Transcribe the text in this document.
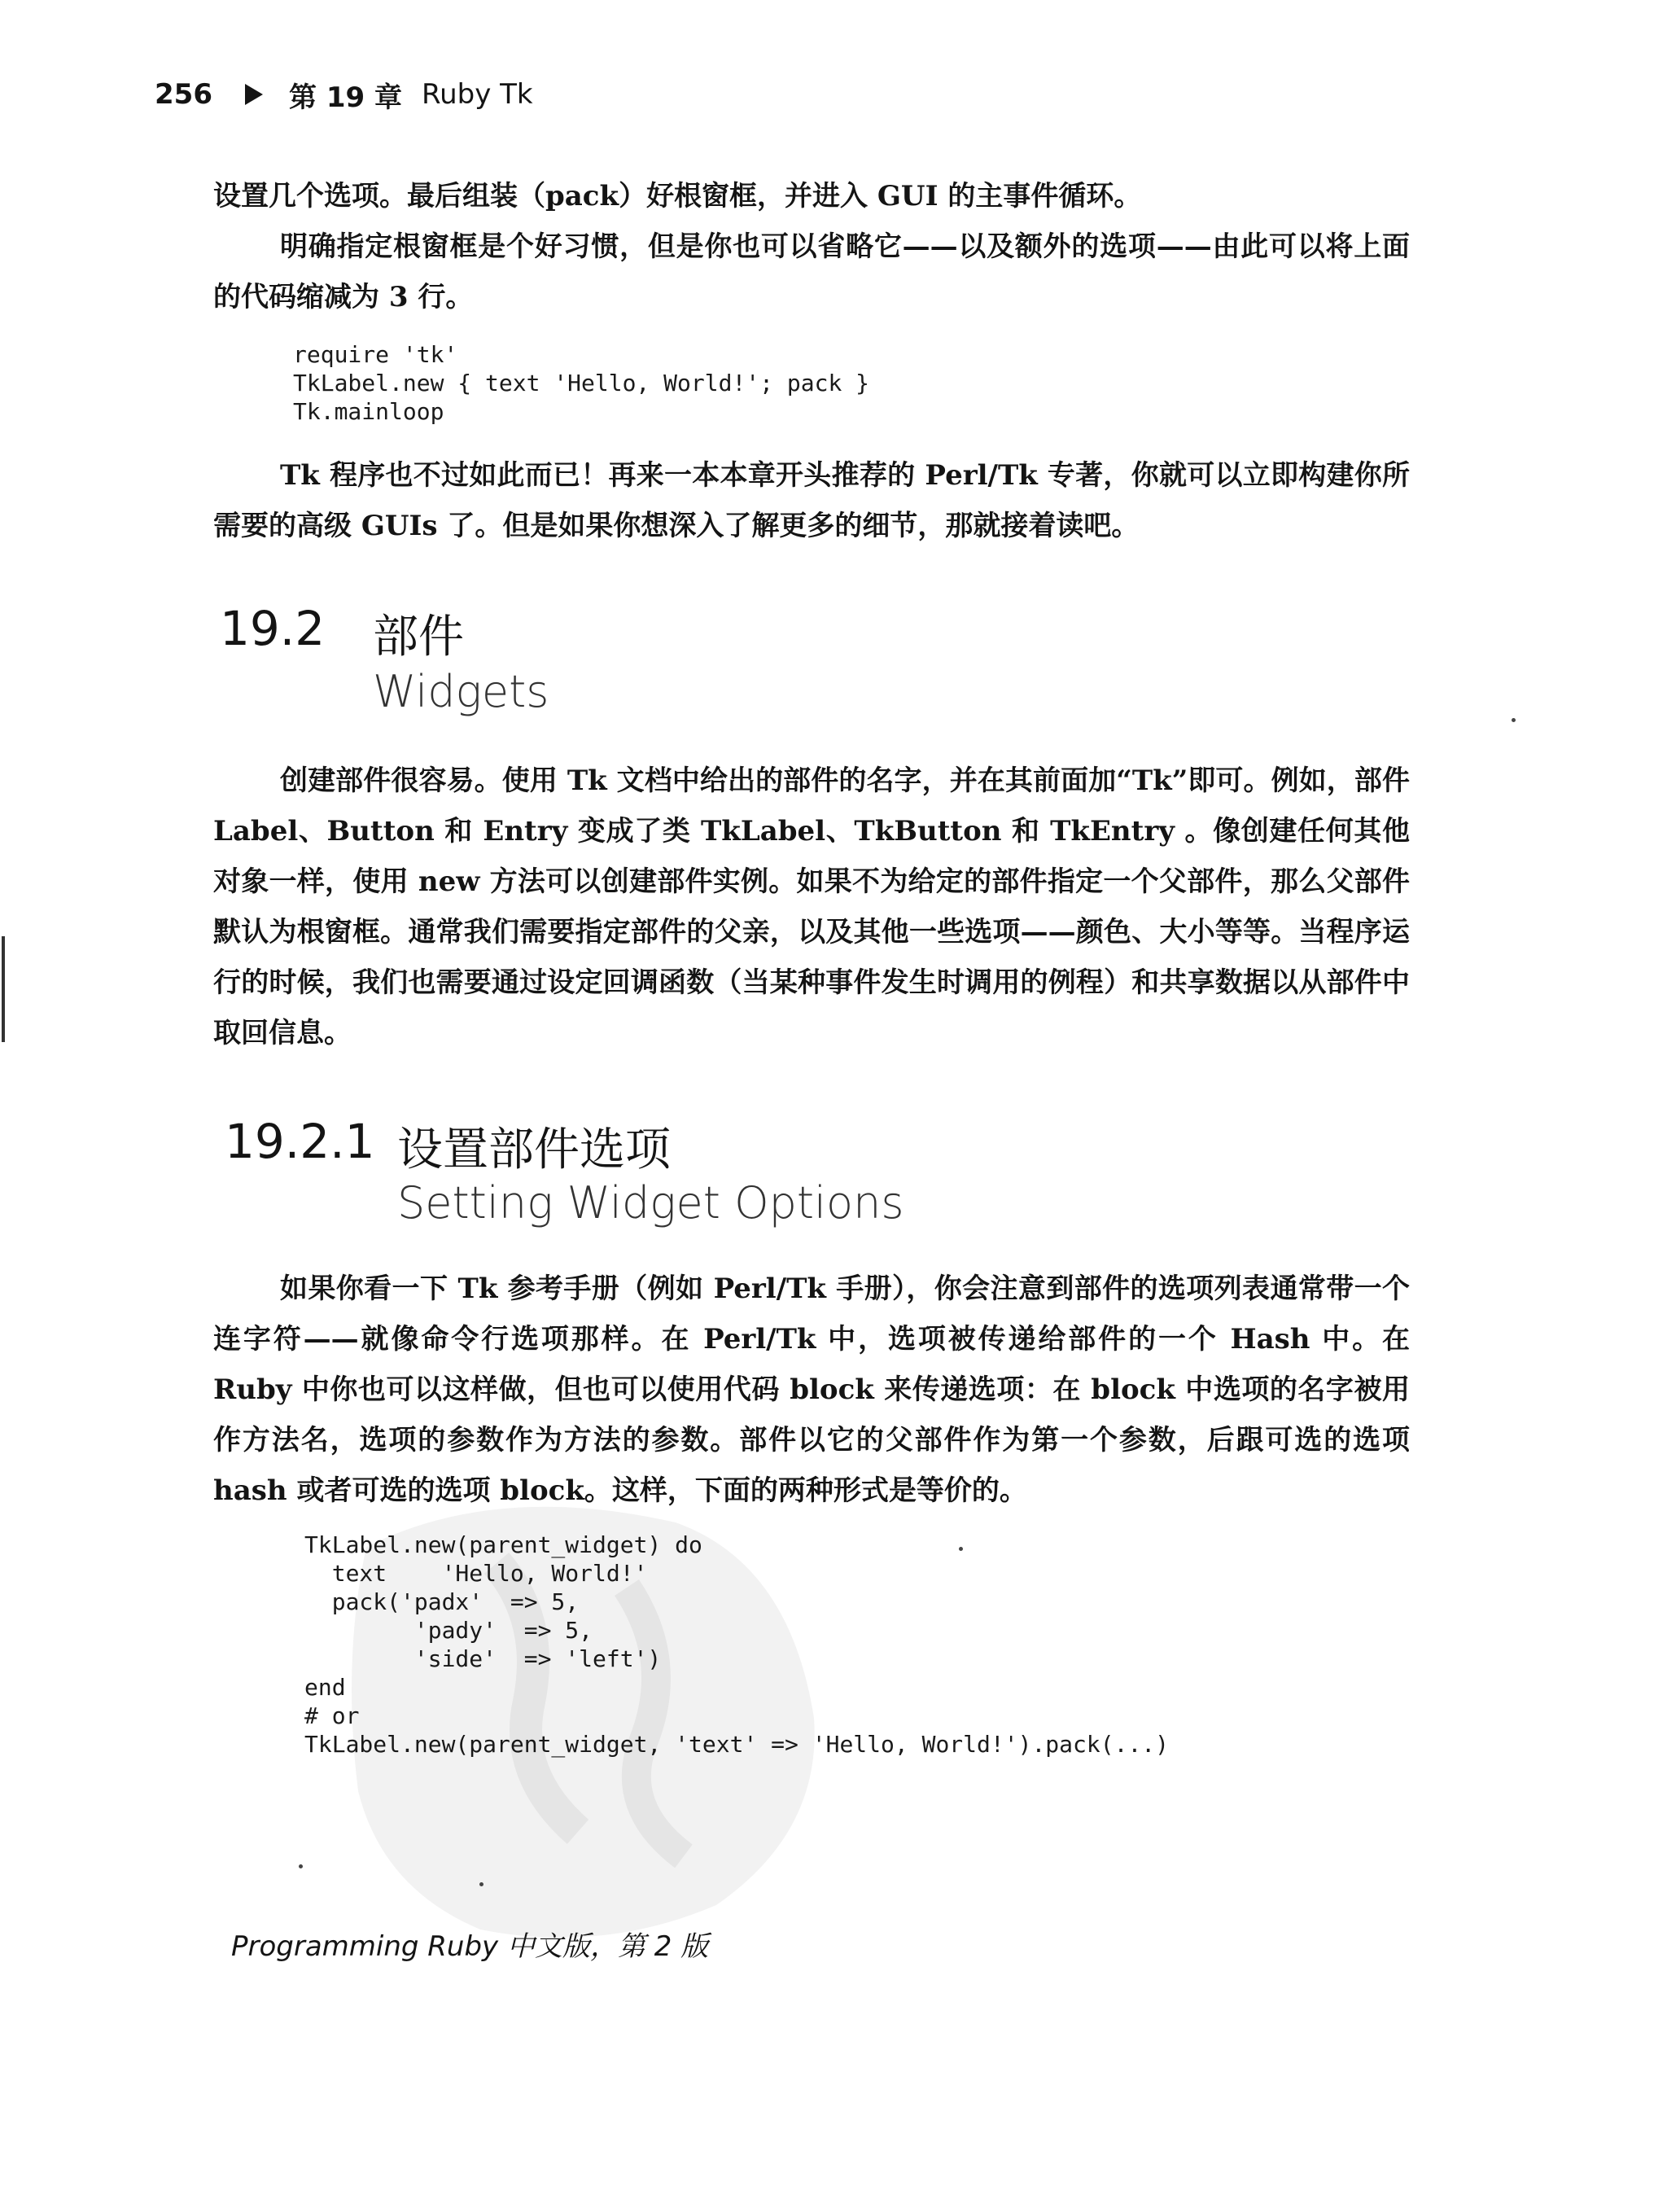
256	第 19 章 Ruby Tk
设置几个选项。最后组装（pack）好根窗框，并进入 GUI 的主事件循环。
明确指定根窗框是个好习惯，但是你也可以省略它——以及额外的选项——由此可以将上面的代码缩减为 3 行。
require 'tk'
TkLabel.new { text 'Hello, World!'; pack }
Tk.mainloop
Tk 程序也不过如此而已！再来一本本章开头推荐的 Perl/Tk 专著，你就可以立即构建你所需要的高级 GUIs 了。但是如果你想深入了解更多的细节，那就接着读吧。
19.2 部件
Widgets
创建部件很容易。使用 Tk 文档中给出的部件的名字，并在其前面加“Tk”即可。例如，部件 Label、Button 和 Entry 变成了类 TkLabel、TkButton 和 TkEntry 。像创建任何其他对象一样，使用 new 方法可以创建部件实例。如果不为给定的部件指定一个父部件，那么父部件默认为根窗框。通常我们需要指定部件的父亲，以及其他一些选项——颜色、大小等等。当程序运行的时候，我们也需要通过设定回调函数（当某种事件发生时调用的例程）和共享数据以从部件中取回信息。
19.2.1 设置部件选项
Setting Widget Options
如果你看一下 Tk 参考手册（例如 Perl/Tk 手册），你会注意到部件的选项列表通常带一个连字符——就像命令行选项那样。在 Perl/Tk 中，选项被传递给部件的一个 Hash 中。在 Ruby 中你也可以这样做，但也可以使用代码 block 来传递选项：在 block 中选项的名字被用作方法名，选项的参数作为方法的参数。部件以它的父部件作为第一个参数，后跟可选的选项 hash 或者可选的选项 block。这样，下面的两种形式是等价的。
TkLabel.new(parent_widget) do
text    'Hello, World!'
pack('padx'  => 5,
'pady'  => 5,
'side'  => 'left')
end
# or
TkLabel.new(parent_widget, 'text' => 'Hello, World!').pack(...)
Programming Ruby 中文版，第 2 版
